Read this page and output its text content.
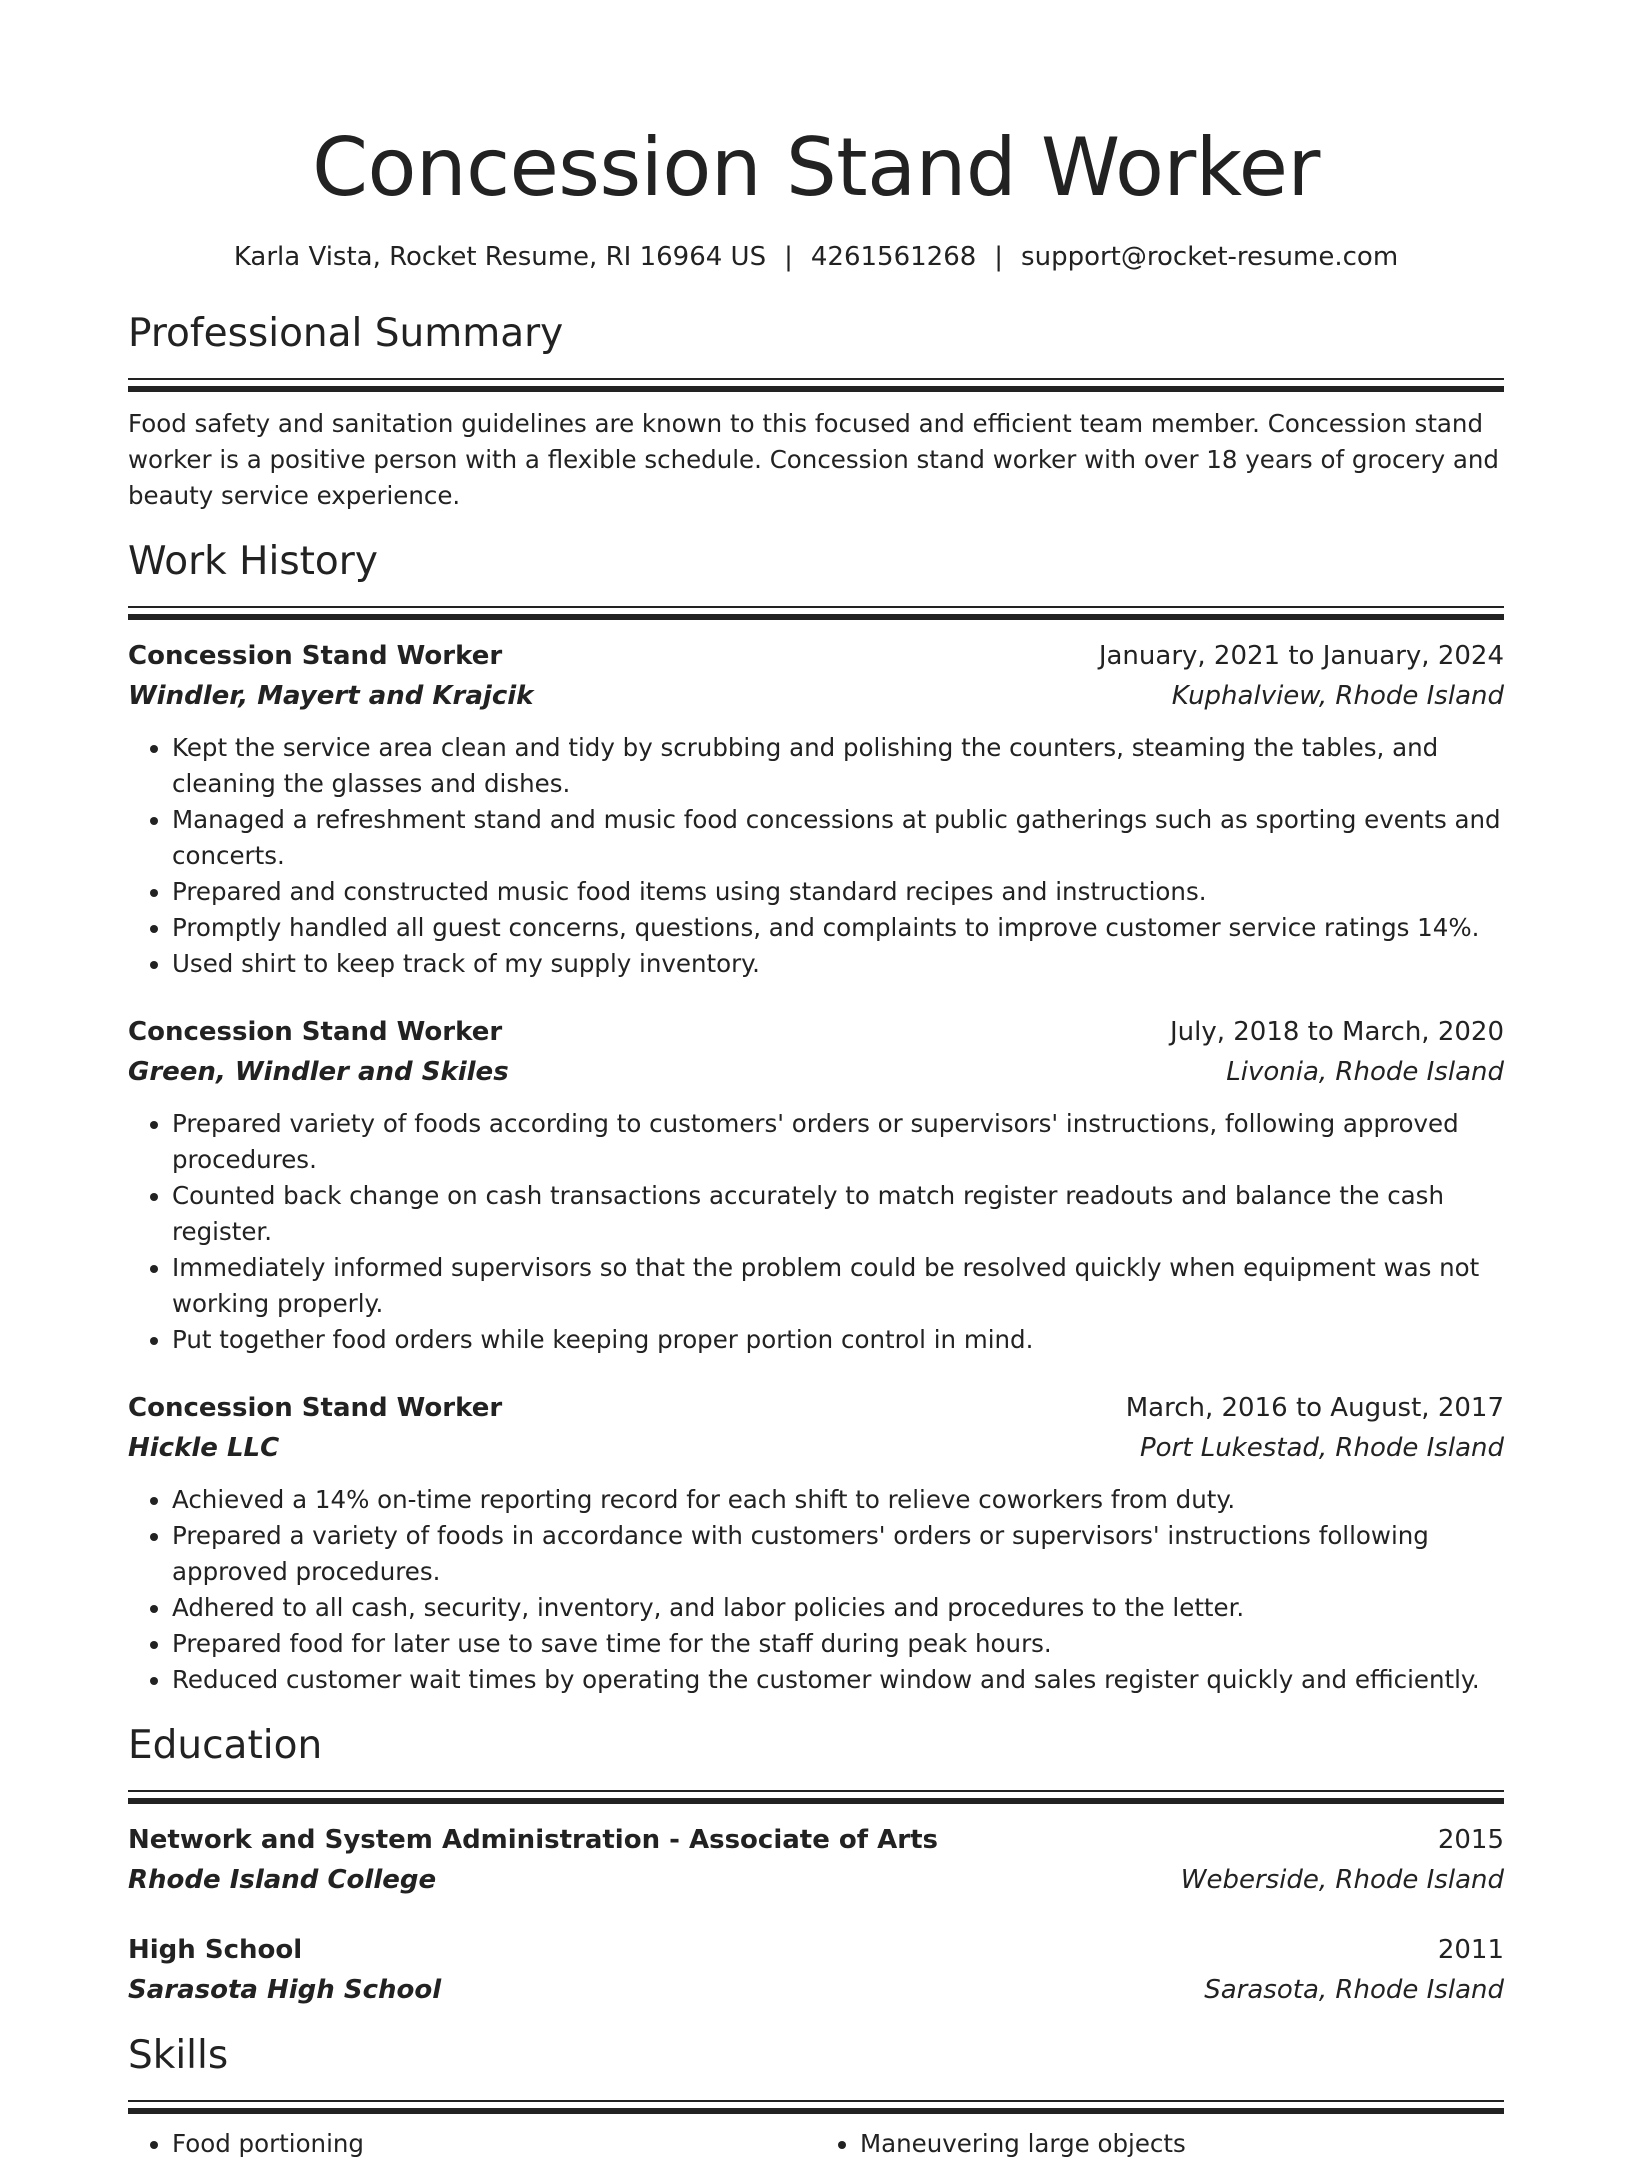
Concession Stand Worker
Karla Vista, Rocket Resume, RI 16964 US | 4261561268 | support@rocket-resume.com
Professional Summary

Food safety and sanitation guidelines are known to this focused and efficient team member. Concession stand worker is a positive person with a flexible schedule. Concession stand worker with over 18 years of grocery and beauty service experience.

Work History
Concession Stand Worker	January, 2021 to January, 2024
Windler, Mayert and Krajcik	Kuphalview, Rhode Island
• Kept the service area clean and tidy by scrubbing and polishing the counters, steaming the tables, and cleaning the glasses and dishes.
• Managed a refreshment stand and music food concessions at public gatherings such as sporting events and concerts.
• Prepared and constructed music food items using standard recipes and instructions.
• Promptly handled all guest concerns, questions, and complaints to improve customer service ratings 14%.
• Used shirt to keep track of my supply inventory.
Concession Stand Worker	July, 2018 to March, 2020
Green, Windler and Skiles	Livonia, Rhode Island
• Prepared variety of foods according to customers' orders or supervisors' instructions, following approved procedures.
• Counted back change on cash transactions accurately to match register readouts and balance the cash register.
• Immediately informed supervisors so that the problem could be resolved quickly when equipment was not working properly.
• Put together food orders while keeping proper portion control in mind.
Concession Stand Worker	March, 2016 to August, 2017
Hickle LLC	Port Lukestad, Rhode Island
• Achieved a 14% on-time reporting record for each shift to relieve coworkers from duty.
• Prepared a variety of foods in accordance with customers' orders or supervisors' instructions following approved procedures.
• Adhered to all cash, security, inventory, and labor policies and procedures to the letter.
• Prepared food for later use to save time for the staff during peak hours.
• Reduced customer wait times by operating the customer window and sales register quickly and efficiently.
Education
Network and System Administration - Associate of Arts	2015
Rhode Island College	Weberside, Rhode Island
High School	2011
Sarasota High School	Sarasota, Rhode Island
Skills
• Food portioning
•	Maneuvering large objects
